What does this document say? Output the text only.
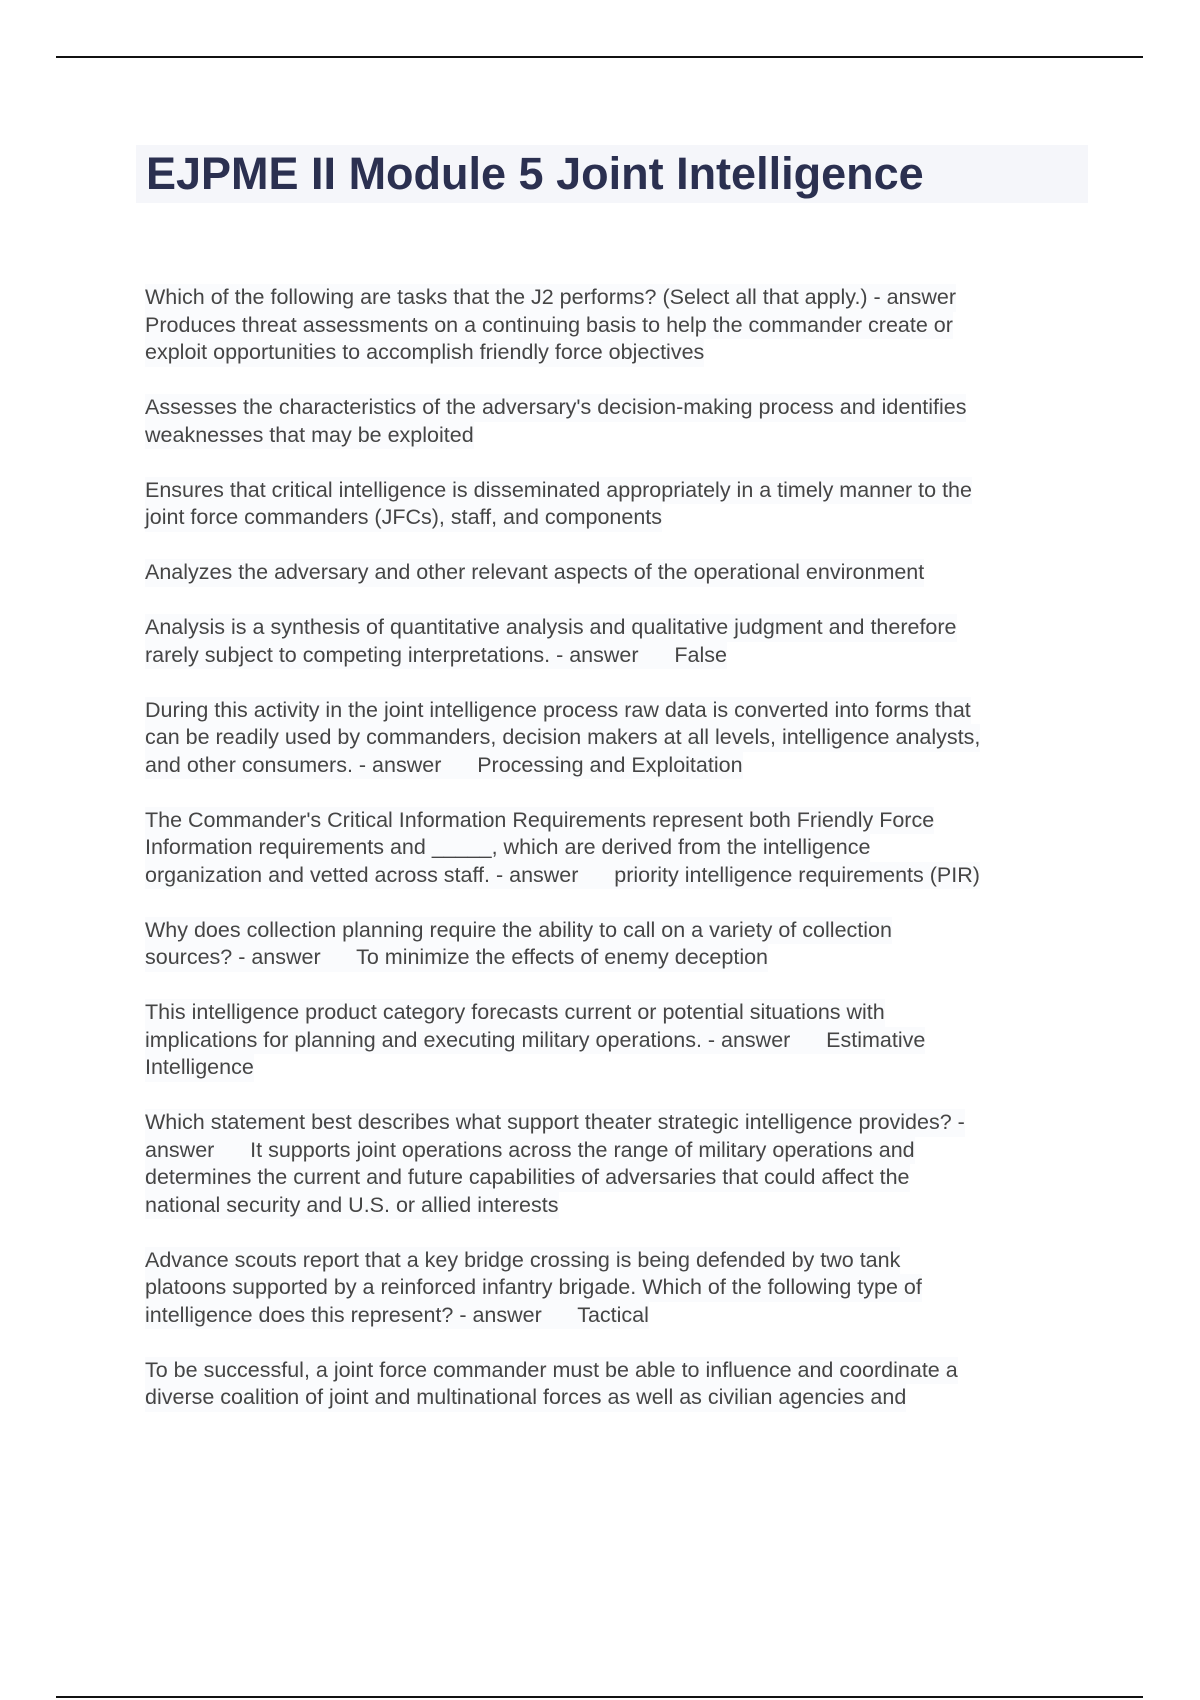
EJPME II Module 5 Joint Intelligence
Which of the following are tasks that the J2 performs? (Select all that apply.) - answer
Produces threat assessments on a continuing basis to help the commander create or
exploit opportunities to accomplish friendly force objectives
Assesses the characteristics of the adversary's decision-making process and identifies
weaknesses that may be exploited
Ensures that critical intelligence is disseminated appropriately in a timely manner to the
joint force commanders (JFCs), staff, and components
Analyzes the adversary and other relevant aspects of the operational environment
Analysis is a synthesis of quantitative analysis and qualitative judgment and therefore
rarely subject to competing interpretations. - answer      False
During this activity in the joint intelligence process raw data is converted into forms that
can be readily used by commanders, decision makers at all levels, intelligence analysts,
and other consumers. - answer      Processing and Exploitation
The Commander's Critical Information Requirements represent both Friendly Force
Information requirements and _____, which are derived from the intelligence
organization and vetted across staff. - answer      priority intelligence requirements (PIR)
Why does collection planning require the ability to call on a variety of collection
sources? - answer      To minimize the effects of enemy deception
This intelligence product category forecasts current or potential situations with
implications for planning and executing military operations. - answer      Estimative
Intelligence
Which statement best describes what support theater strategic intelligence provides? -
answer      It supports joint operations across the range of military operations and
determines the current and future capabilities of adversaries that could affect the
national security and U.S. or allied interests
Advance scouts report that a key bridge crossing is being defended by two tank
platoons supported by a reinforced infantry brigade. Which of the following type of
intelligence does this represent? - answer      Tactical
To be successful, a joint force commander must be able to influence and coordinate a
diverse coalition of joint and multinational forces as well as civilian agencies and
